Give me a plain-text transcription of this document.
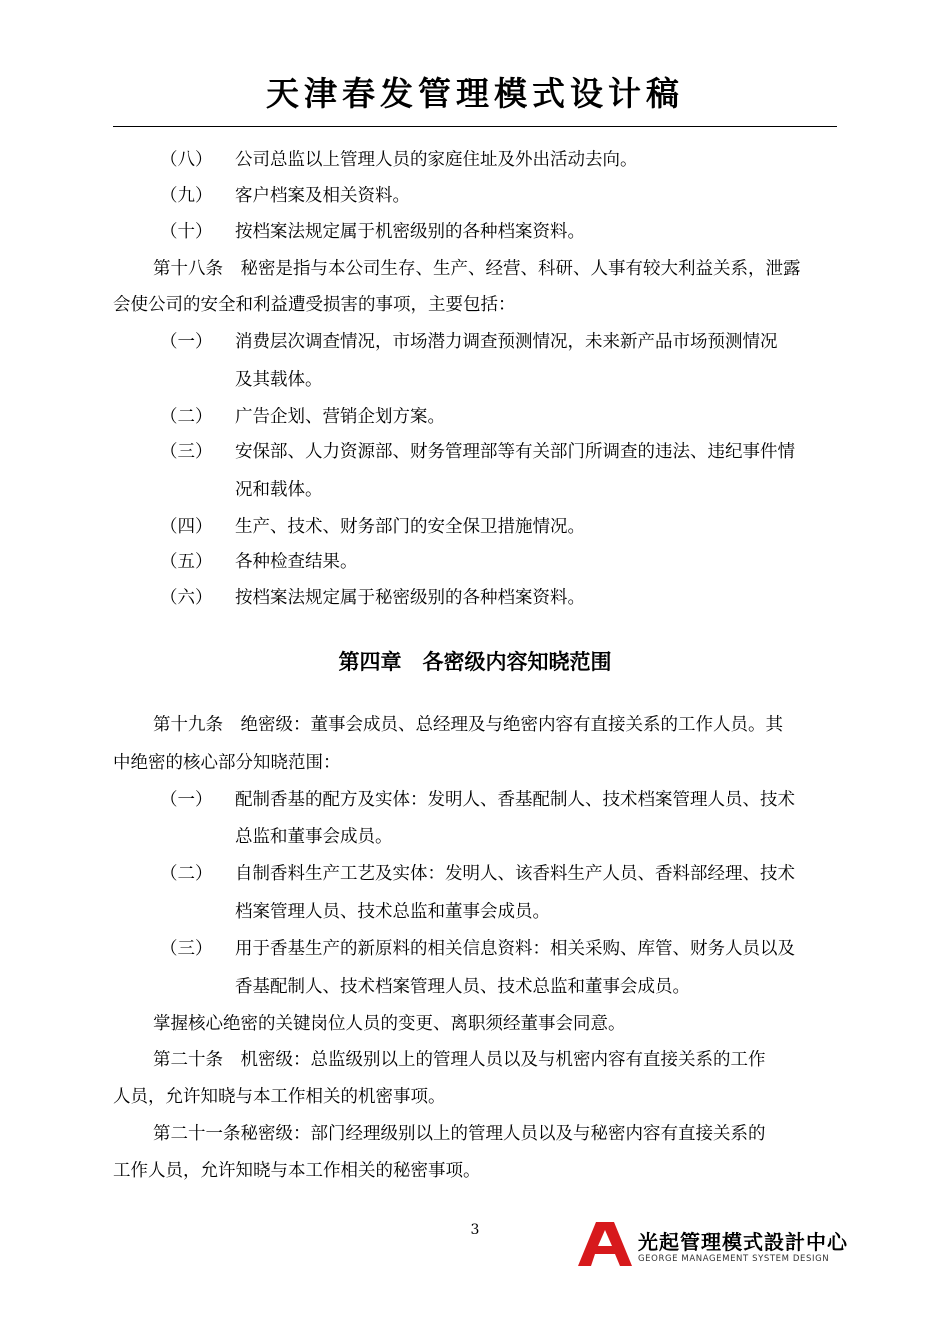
天津春发管理模式设计稿
（八） 公司总监以上管理人员的家庭住址及外出活动去向。
（九） 客户档案及相关资料。
（十） 按档案法规定属于机密级别的各种档案资料。
第十八条　秘密是指与本公司生存、生产、经营、科研、人事有较大利益关系，泄露
会使公司的安全和利益遭受损害的事项，主要包括：
（一） 消费层次调查情况，市场潜力调查预测情况，未来新产品市场预测情况
及其载体。
（二） 广告企划、营销企划方案。
（三） 安保部、人力资源部、财务管理部等有关部门所调查的违法、违纪事件情
况和载体。
（四） 生产、技术、财务部门的安全保卫措施情况。
（五） 各种检查结果。
（六） 按档案法规定属于秘密级别的各种档案资料。
第四章　各密级内容知晓范围
第十九条　绝密级：董事会成员、总经理及与绝密内容有直接关系的工作人员。其
中绝密的核心部分知晓范围：
（一） 配制香基的配方及实体：发明人、香基配制人、技术档案管理人员、技术
总监和董事会成员。
（二） 自制香料生产工艺及实体：发明人、该香料生产人员、香料部经理、技术
档案管理人员、技术总监和董事会成员。
（三） 用于香基生产的新原料的相关信息资料：相关采购、库管、财务人员以及
香基配制人、技术档案管理人员、技术总监和董事会成员。
掌握核心绝密的关键岗位人员的变更、离职须经董事会同意。
第二十条　机密级：总监级别以上的管理人员以及与机密内容有直接关系的工作
人员，允许知晓与本工作相关的机密事项。
第二十一条秘密级：部门经理级别以上的管理人员以及与秘密内容有直接关系的
工作人员，允许知晓与本工作相关的秘密事项。
3	光起管理模式設計中心
GEORGE MANAGEMENT SYSTEM DESIGN
